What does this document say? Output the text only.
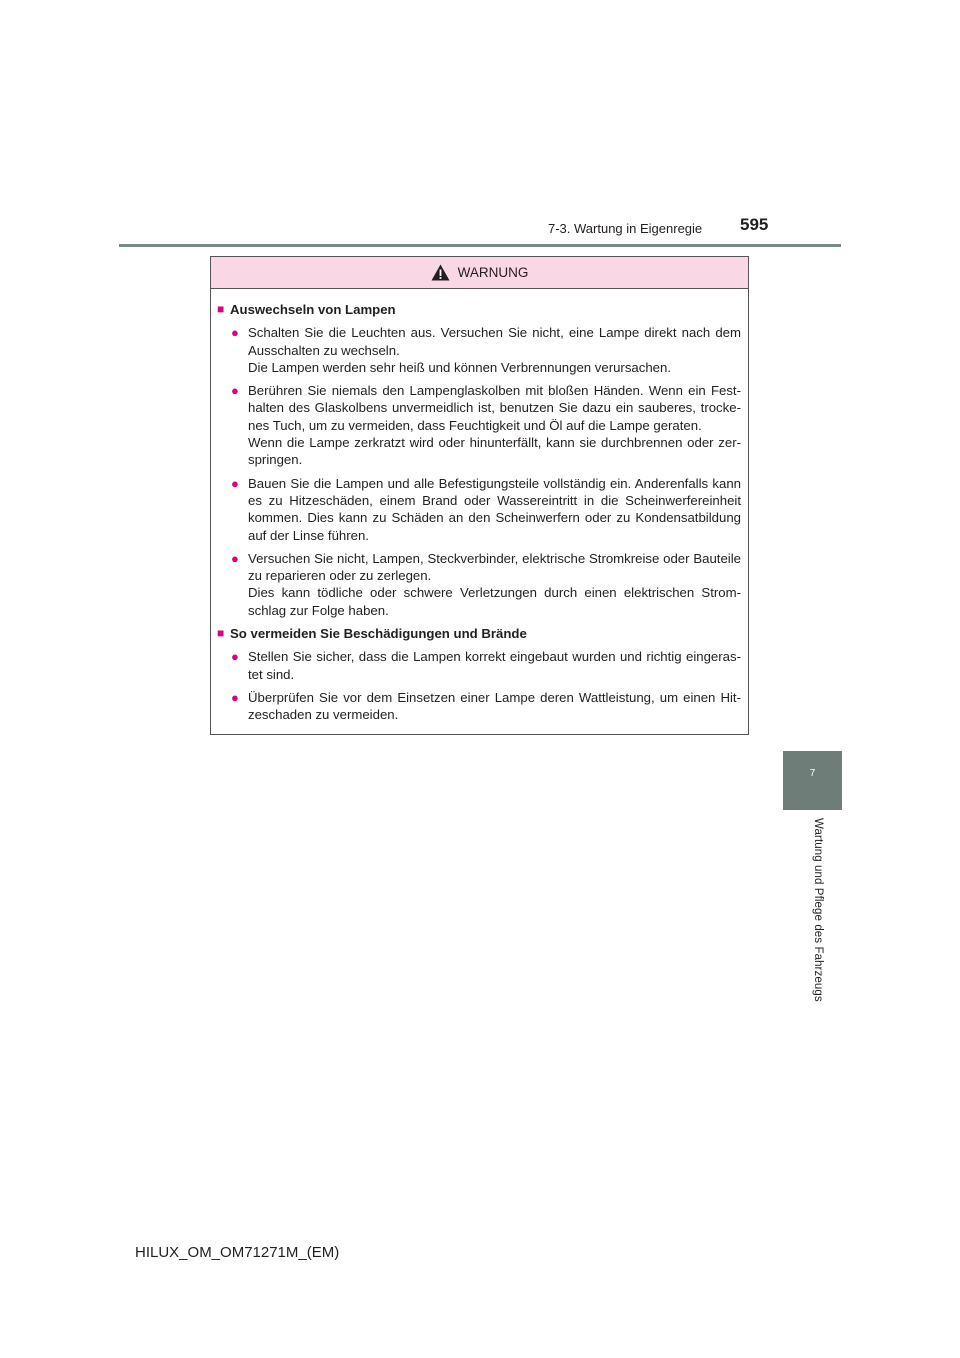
7-3. Wartung in Eigenregie 595
7
Wartung und Pflege des Fahrzeugs
WARNUNG
■ Auswechseln von Lampen
● Schalten Sie die Leuchten aus. Versuchen Sie nicht, eine Lampe direkt nach dem Ausschalten zu wechseln.

Die Lampen werden sehr heiß und können Verbrennungen verursachen.

● Berühren Sie niemals den Lampenglaskolben mit bloßen Händen. Wenn ein Festhalten des Glaskolbens unvermeidlich ist, benutzen Sie dazu ein sauberes, trockenes Tuch, um zu vermeiden, dass Feuchtigkeit und Öl auf die Lampe geraten.

Wenn die Lampe zerkratzt wird oder hinunterfällt, kann sie durchbrennen oder zerspringen.

● Bauen Sie die Lampen und alle Befestigungsteile vollständig ein. Anderenfalls kann es zu Hitzeschäden, einem Brand oder Wassereintritt in die Scheinwerfereinheit kommen. Dies kann zu Schäden an den Scheinwerfern oder zu Kondensatbildung auf der Linse führen.

● Versuchen Sie nicht, Lampen, Steckverbinder, elektrische Stromkreise oder Bauteile zu reparieren oder zu zerlegen.

Dies kann tödliche oder schwere Verletzungen durch einen elektrischen Stromschlag zur Folge haben.

■ So vermeiden Sie Beschädigungen und Brände
● Stellen Sie sicher, dass die Lampen korrekt eingebaut wurden und richtig eingerastet sind.

● Überprüfen Sie vor dem Einsetzen einer Lampe deren Wattleistung, um einen Hitzeschaden zu vermeiden.

HILUX_OM_OM71271M_(EM)
